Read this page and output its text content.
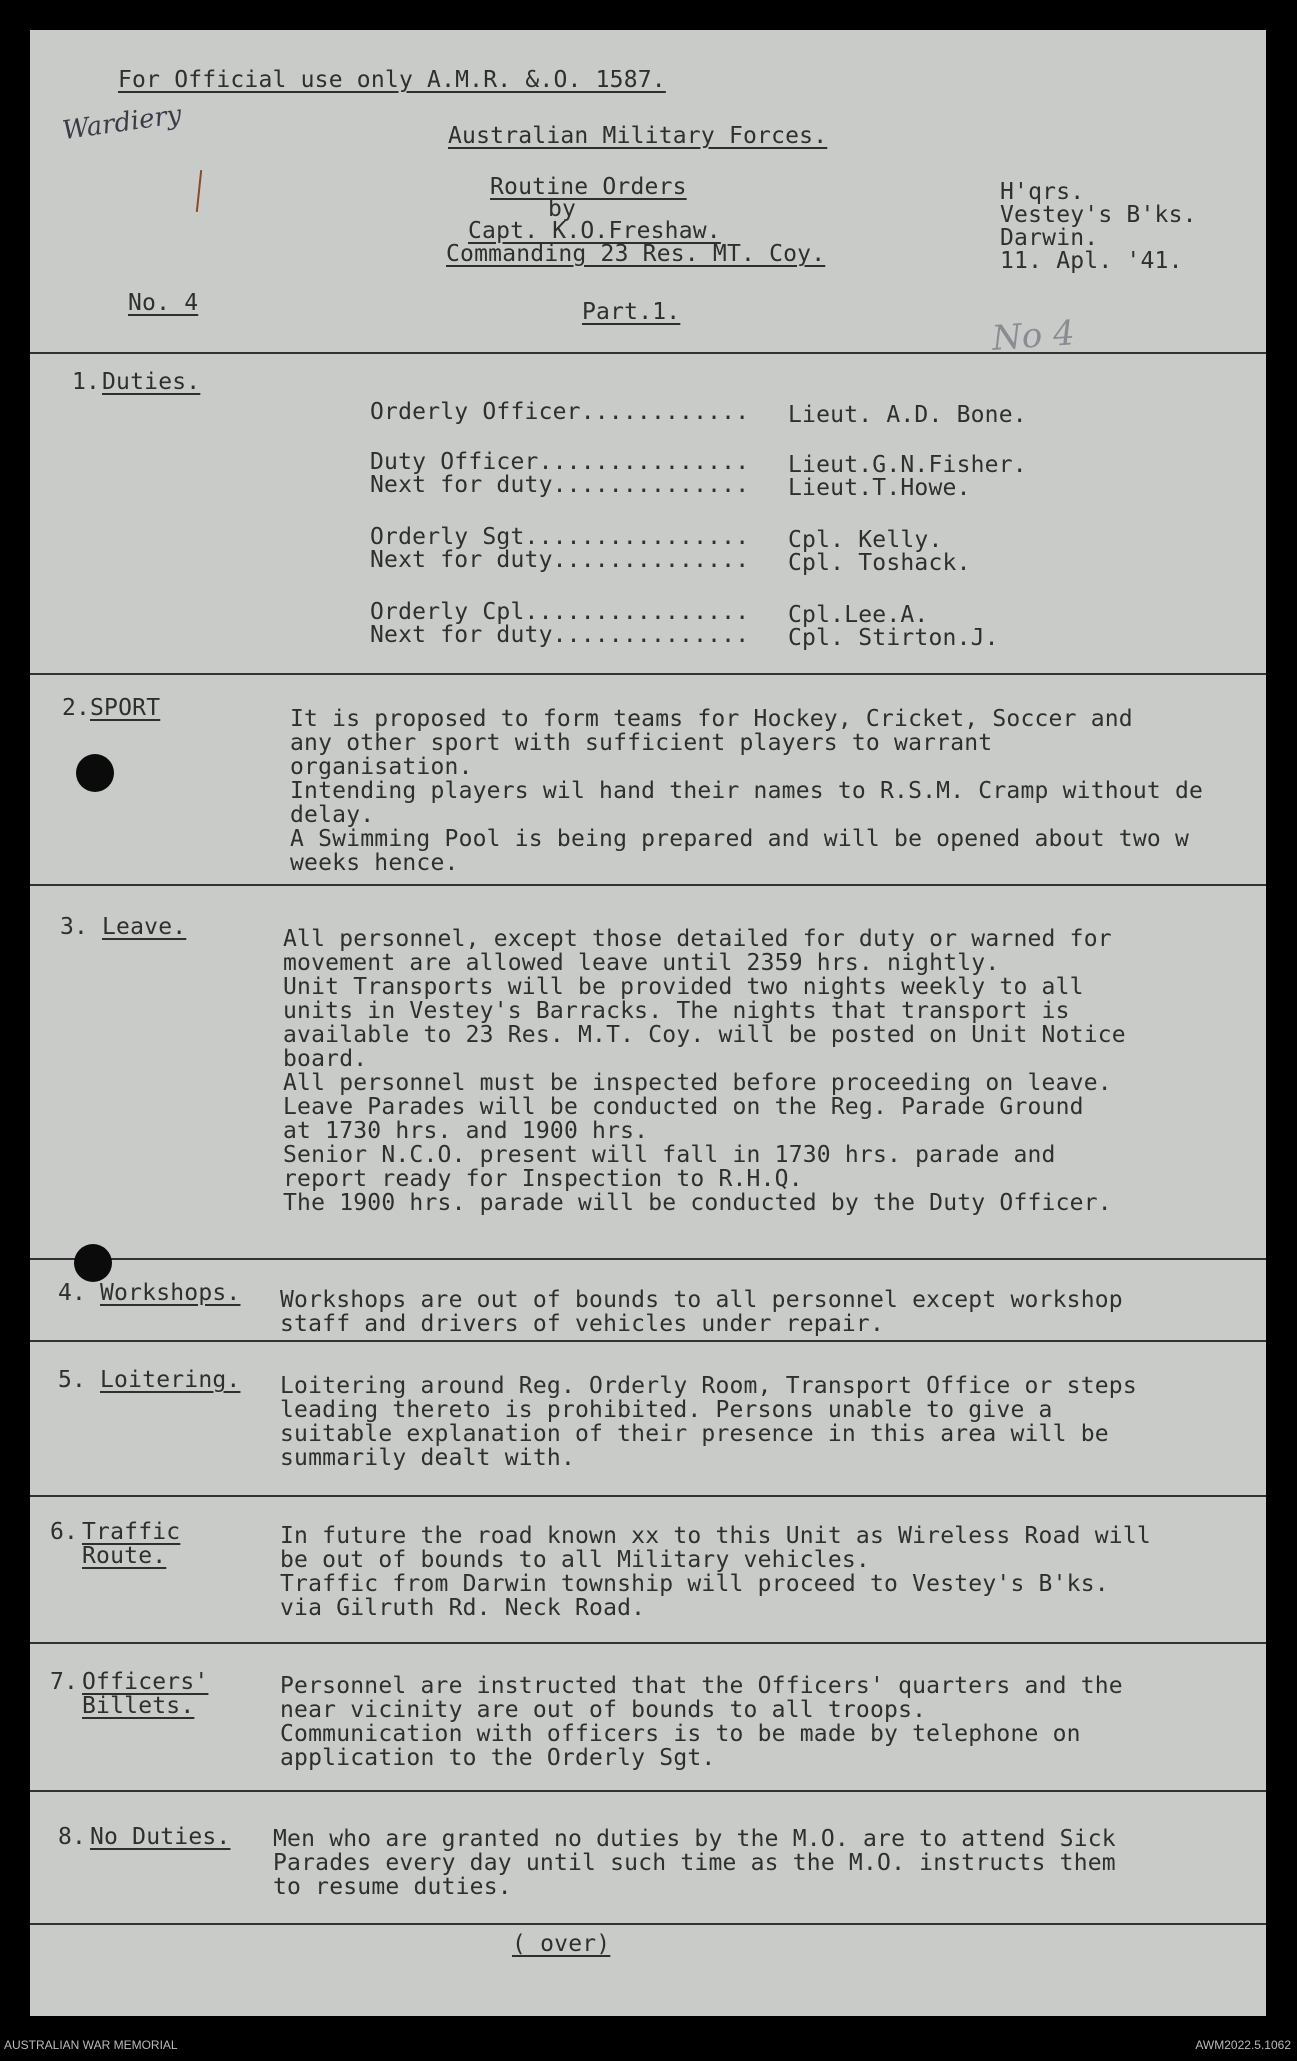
Wardiery
No 4
For Official use only A.M.R. &.O. 1587.
Australian Military Forces.
Routine Orders
by
Capt. K.O.Freshaw.
Commanding 23 Res. MT. Coy.
H'qrs.
Vestey's B'ks.
Darwin.
11. Apl. '41.
No. 4	Part.1.
1. Duties.
Orderly Officer............ Lieut. A.D. Bone.
Duty Officer............... Lieut.G.N.Fisher.
Next for duty.............. Lieut.T.Howe.
Orderly Sgt................ Cpl. Kelly.
Next for duty.............. Cpl. Toshack.
Orderly Cpl................ Cpl.Lee.A.
Next for duty.............. Cpl. Stirton.J.
2. SPORT	It is proposed to form teams for Hockey, Cricket, Soccer and
any other sport with sufficient players to warrant
organisation.
Intending players wil hand their names to R.S.M. Cramp without de
delay.
A Swimming Pool is being prepared and will be opened about two w
weeks hence.
3. Leave.	All personnel, except those detailed for duty or warned for
movement are allowed leave until 2359 hrs. nightly.
Unit Transports will be provided two nights weekly to all
units in Vestey's Barracks. The nights that transport is
available to 23 Res. M.T. Coy. will be posted on Unit Notice
board.
All personnel must be inspected before proceeding on leave.
Leave Parades will be conducted on the Reg. Parade Ground
at 1730 hrs. and 1900 hrs.
Senior N.C.O. present will fall in 1730 hrs. parade and
report ready for Inspection to R.H.Q.
The 1900 hrs. parade will be conducted by the Duty Officer.
4. Workshops. Workshops are out of bounds to all personnel except workshop
staff and drivers of vehicles under repair.
5. Loitering. Loitering around Reg. Orderly Room, Transport Office or steps
leading thereto is prohibited. Persons unable to give a
suitable explanation of their presence in this area will be
summarily dealt with.
6. Traffic
Route.
In future the road known xx to this Unit as Wireless Road will
be out of bounds to all Military vehicles.
Traffic from Darwin township will proceed to Vestey's B'ks.
via Gilruth Rd. Neck Road.
7. Officers'
Billets.
Personnel are instructed that the Officers' quarters and the
near vicinity are out of bounds to all troops.
Communication with officers is to be made by telephone on
application to the Orderly Sgt.
8. No Duties. Men who are granted no duties by the M.O. are to attend Sick
Parades every day until such time as the M.O. instructs them
to resume duties.
( over)
AUSTRALIAN WAR MEMORIAL	AWM2022.5.1062
